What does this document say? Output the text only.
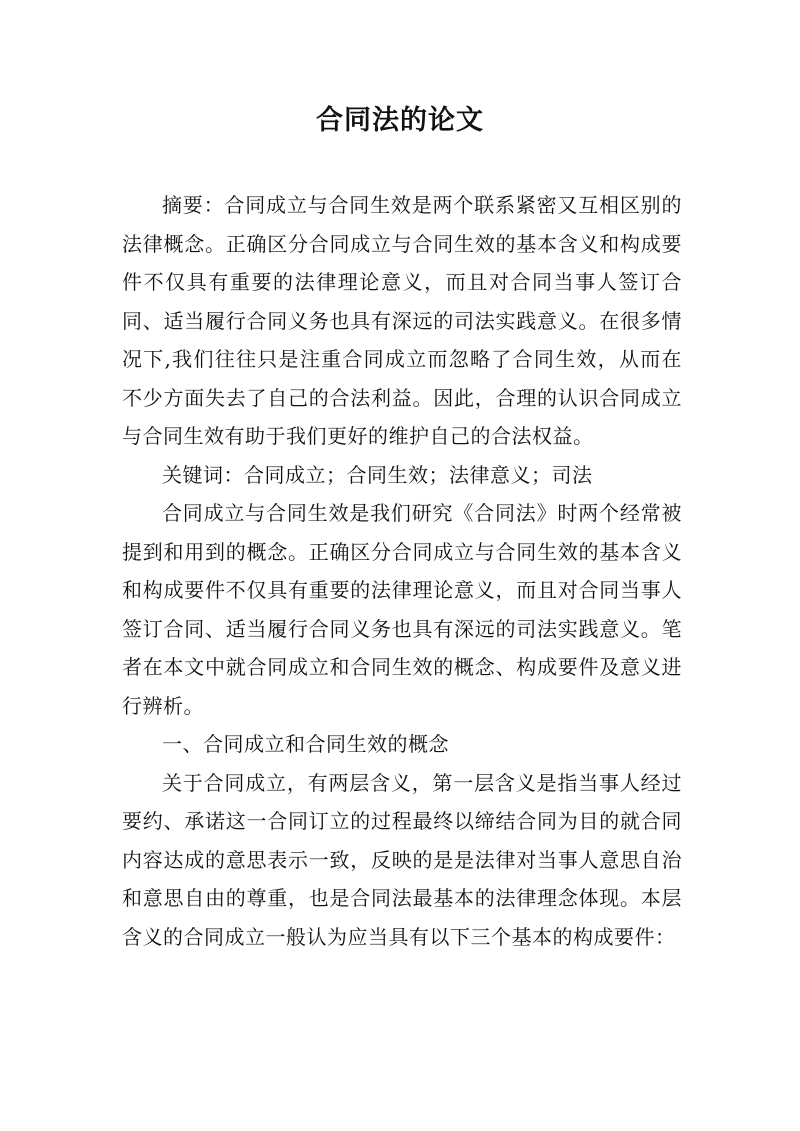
合同法的论文

摘要：合同成立与合同生效是两个联系紧密又互相区别的法律概念。正确区分合同成立与合同生效的基本含义和构成要件不仅具有重要的法律理论意义，而且对合同当事人签订合同、适当履行合同义务也具有深远的司法实践意义。在很多情况下,我们往往只是注重合同成立而忽略了合同生效，从而在不少方面失去了自己的合法利益。因此，合理的认识合同成立与合同生效有助于我们更好的维护自己的合法权益。

关键词：合同成立；合同生效；法律意义；司法

合同成立与合同生效是我们研究《合同法》时两个经常被提到和用到的概念。正确区分合同成立与合同生效的基本含义和构成要件不仅具有重要的法律理论意义，而且对合同当事人签订合同、适当履行合同义务也具有深远的司法实践意义。笔者在本文中就合同成立和合同生效的概念、构成要件及意义进行辨析。

一、合同成立和合同生效的概念

关于合同成立，有两层含义，第一层含义是指当事人经过要约、承诺这一合同订立的过程最终以缔结合同为目的就合同内容达成的意思表示一致，反映的是是法律对当事人意思自治和意思自由的尊重，也是合同法最基本的法律理念体现。本层含义的合同成立一般认为应当具有以下三个基本的构成要件：
